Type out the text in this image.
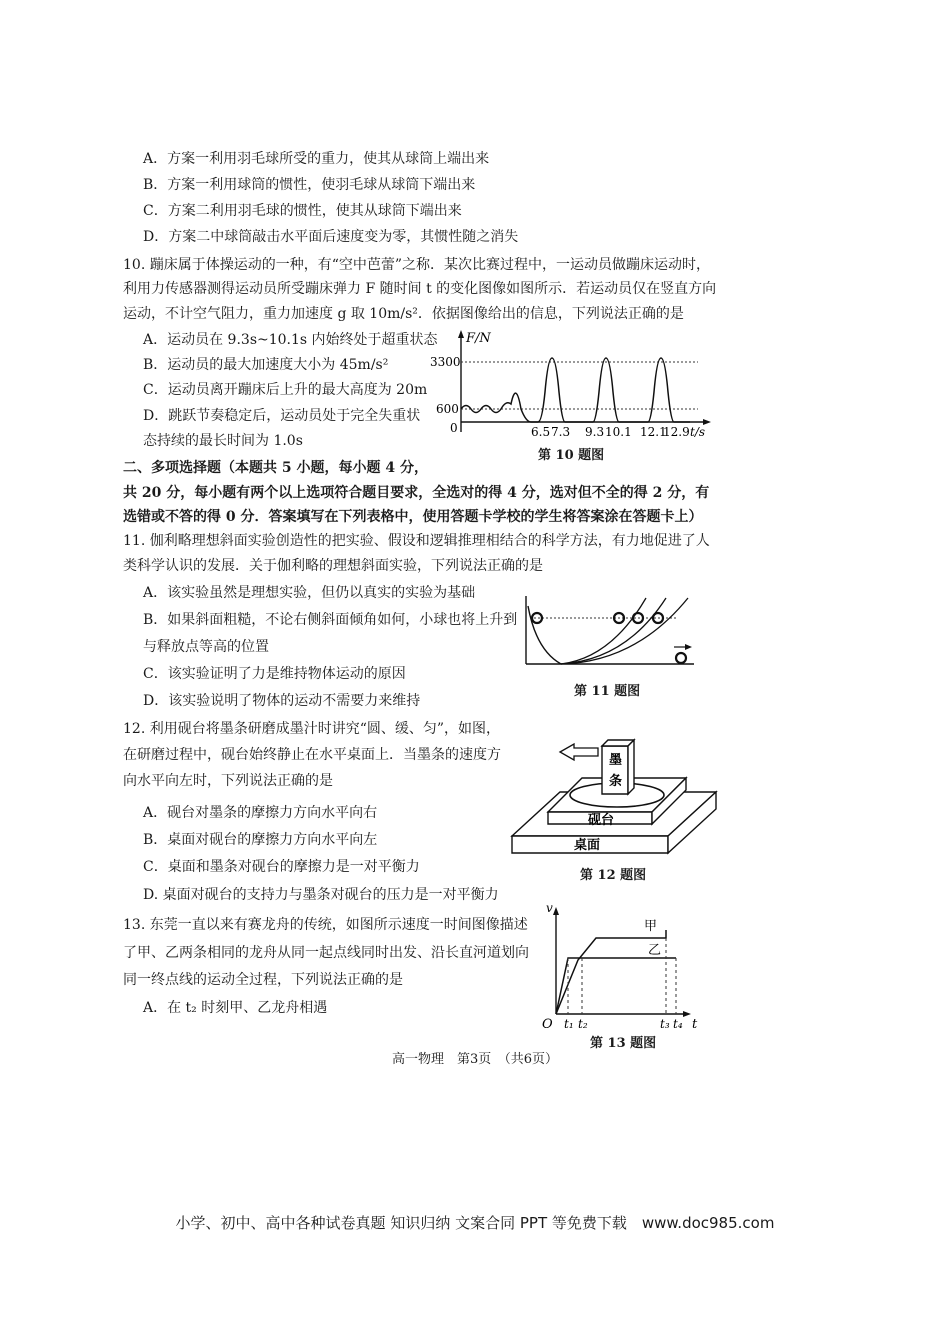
A．方案一利用羽毛球所受的重力，使其从球筒上端出来
B．方案一利用球筒的惯性，使羽毛球从球筒下端出来
C．方案二利用羽毛球的惯性，使其从球筒下端出来
D．方案二中球筒敲击水平面后速度变为零，其惯性随之消失
10. 蹦床属于体操运动的一种，有“空中芭蕾”之称．某次比赛过程中，一运动员做蹦床运动时，
利用力传感器测得运动员所受蹦床弹力 F 随时间 t 的变化图像如图所示．若运动员仅在竖直方向
运动，不计空气阻力，重力加速度 g 取 10m/s²．依据图像给出的信息，下列说法正确的是
A．运动员在 9.3s~10.1s 内始终处于超重状态
B．运动员的最大加速度大小为 45m/s²
C．运动员离开蹦床后上升的最大高度为 20m
D．跳跃节奏稳定后，运动员处于完全失重状
态持续的最长时间为 1.0s
F/N
3300
600
0	6.5 7.3 9.3 10.1 12.1
12.9 t/s
第 10 题图
二、多项选择题（本题共 5 小题，每小题 4 分，
共 20 分，每小题有两个以上选项符合题目要求，全选对的得 4 分，选对但不全的得 2 分，有
选错或不答的得 0 分．答案填写在下列表格中，使用答题卡学校的学生将答案涂在答题卡上）
11. 伽利略理想斜面实验创造性的把实验、假设和逻辑推理相结合的科学方法，有力地促进了人
类科学认识的发展．关于伽利略的理想斜面实验，下列说法正确的是
A．该实验虽然是理想实验，但仍以真实的实验为基础
B．如果斜面粗糙，不论右侧斜面倾角如何，小球也将上升到
与释放点等高的位置
C．该实验证明了力是维持物体运动的原因
D．该实验说明了物体的运动不需要力来维持
第 11 题图
12. 利用砚台将墨条研磨成墨汁时讲究“圆、缓、匀”，如图，
在研磨过程中，砚台始终静止在水平桌面上．当墨条的速度方
向水平向左时，下列说法正确的是
A．砚台对墨条的摩擦力方向水平向右
B．桌面对砚台的摩擦力方向水平向左
C．桌面和墨条对砚台的摩擦力是一对平衡力
D. 桌面对砚台的支持力与墨条对砚台的压力是一对平衡力
墨
条
砚台
桌面
第 12 题图
13. 东莞一直以来有赛龙舟的传统，如图所示速度一时间图像描述
了甲、乙两条相同的龙舟从同一起点线同时出发、沿长直河道划向
同一终点线的运动全过程，下列说法正确的是
A．在 t₂ 时刻甲、乙龙舟相遇
v
O t₁ t₂	t₃ t₄ t
甲
乙
第 13 题图
高一物理　第3页　（共6页）
小学、初中、高中各种试卷真题 知识归纳 文案合同 PPT 等免费下载　www.doc985.com
